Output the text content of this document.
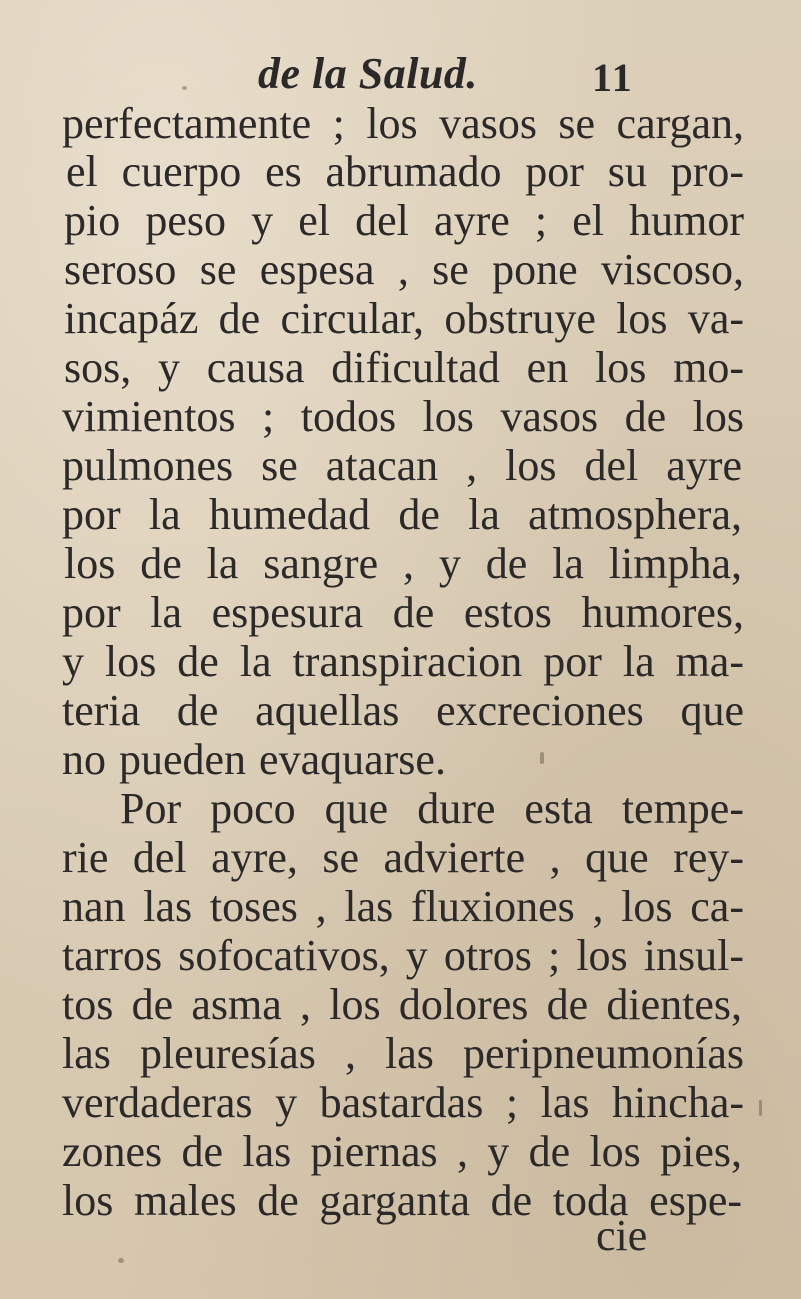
de la Salud.	11
perfectamente ; los vasos se cargan,
el cuerpo es abrumado por su pro-
pio peso y el del ayre ; el humor
seroso se espesa , se pone viscoso,
incapáz de circular, obstruye los va-
sos, y causa dificultad en los mo-
vimientos ; todos los vasos de los
pulmones se atacan , los del ayre
por la humedad de la atmosphera,
los de la sangre , y de la limpha,
por la espesura de estos humores,
y los de la transpiracion por la ma-
teria de aquellas excreciones que
no pueden evaquarse.
Por poco que dure esta tempe-
rie del ayre, se advierte , que rey-
nan las toses , las fluxiones , los ca-
tarros sofocativos, y otros ; los insul-
tos de asma , los dolores de dientes,
las pleuresías , las peripneumonías
verdaderas y bastardas ; las hincha-
zones de las piernas , y de los pies,
los males de garganta de toda espe-
cie
